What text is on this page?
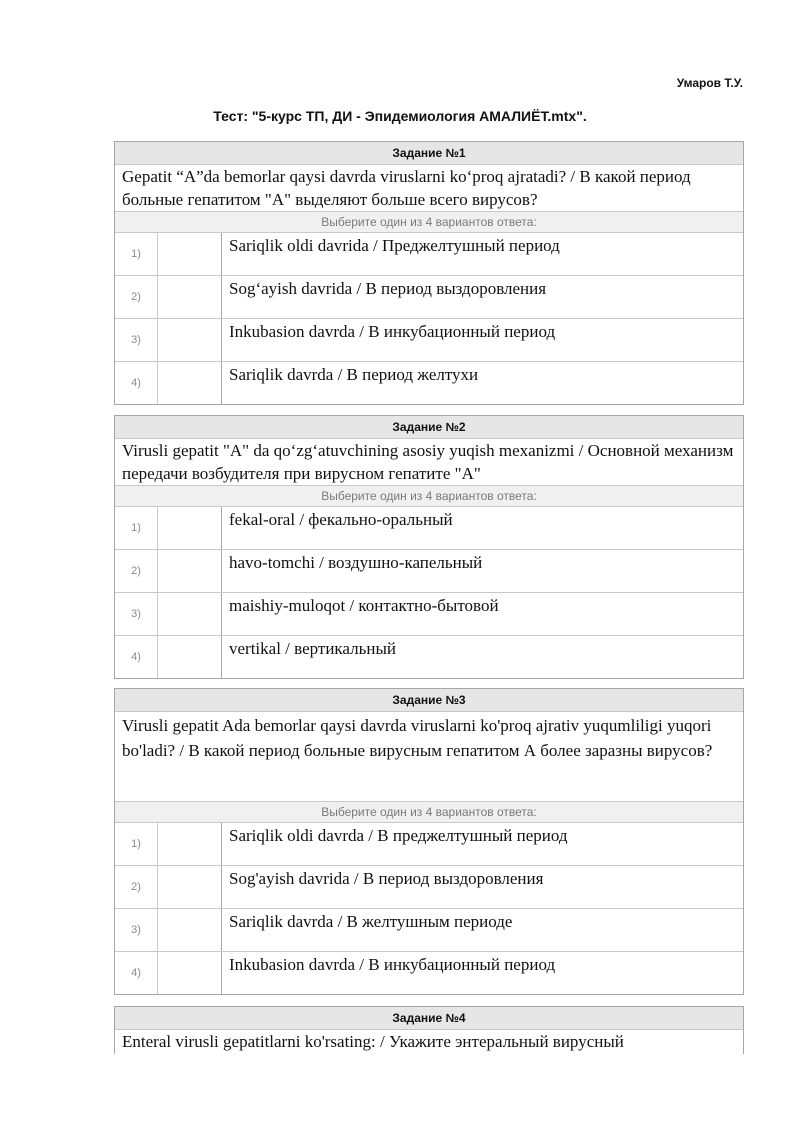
Умаров Т.У.
Тест: "5-курс ТП, ДИ - Эпидемиология АМАЛИЁТ.mtx".
Задание №1
Gepatit “A”da bemorlar qaysi davrda viruslarni ko‘proq ajratadi? / В какой период больные гепатитом "А" выделяют больше всего вирусов?
Выберите один из 4 вариантов ответа:
1)	Sariqlik oldi davrida / Преджелтушный период
2)	Sog‘ayish davrida / В период выздоровления
3)	Inkubasion davrda / В инкубационный период
4)	Sariqlik davrda / В период желтухи
Задание №2
Virusli gepatit "A" da qo‘zg‘atuvchining asosiy yuqish mexanizmi / Основной механизм передачи возбудителя при вирусном гепатите "А"
Выберите один из 4 вариантов ответа:
1)	fekal-oral / фекально-оральный
2)	havo-tomchi / воздушно-капельный
3)	maishiy-muloqot / контактно-бытовой
4)	vertikal / вертикальный
Задание №3
Virusli gepatit Ada bemorlar qaysi davrda viruslarni ko'proq ajrativ yuqumliligi yuqori bo'ladi? / В какой период больные вирусным гепатитом А более заразны вирусов?
Выберите один из 4 вариантов ответа:
1)	Sariqlik oldi davrda / В преджелтушный период
2)	Sog'ayish davrida / В период выздоровления
3)	Sariqlik davrda / В желтушным периоде
4)	Inkubasion davrda / В инкубационный период
Задание №4
Enteral virusli gepatitlarni ko'rsating: / Укажите энтеральный вирусный
